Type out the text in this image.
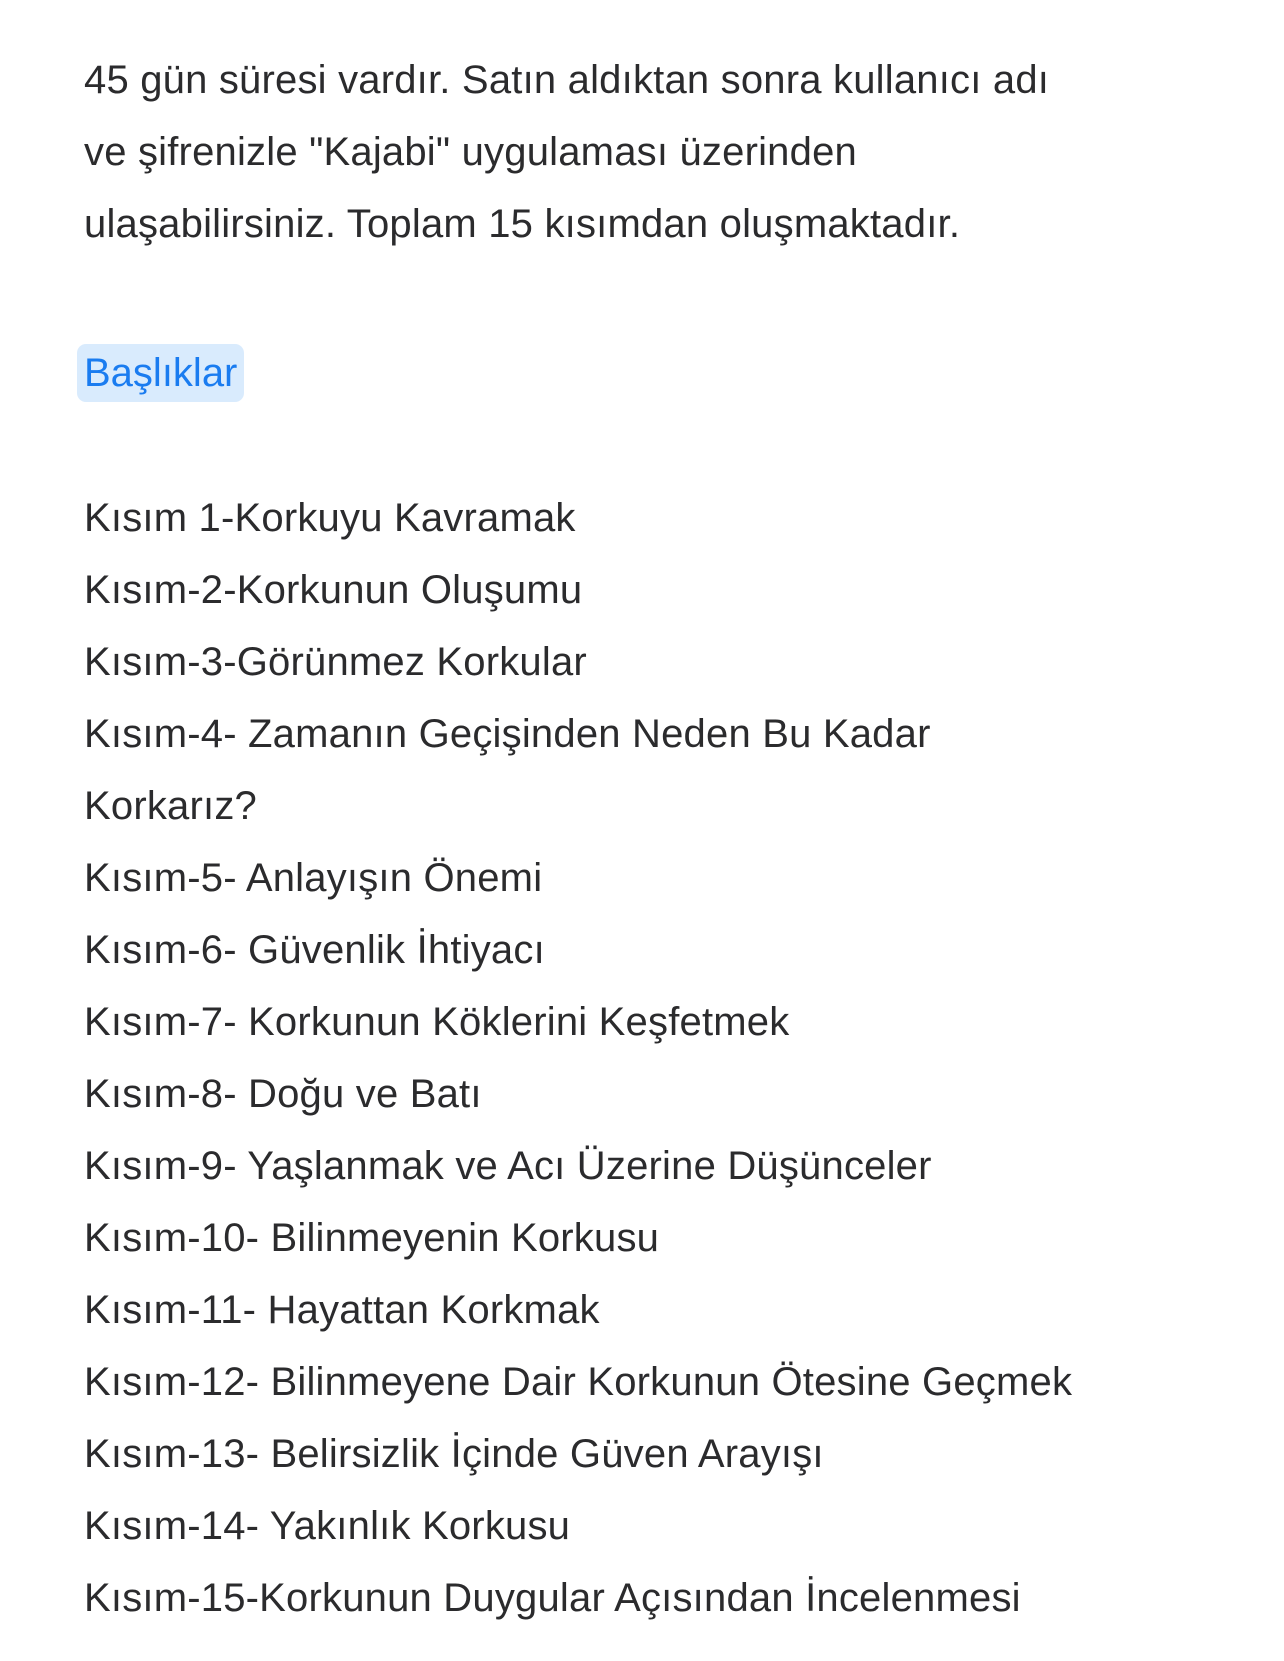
45 gün süresi vardır. Satın aldıktan sonra kullanıcı adı
ve şifrenizle "Kajabi" uygulaması üzerinden
ulaşabilirsiniz. Toplam 15 kısımdan oluşmaktadır.
Başlıklar
Kısım 1-Korkuyu Kavramak
Kısım-2-Korkunun Oluşumu
Kısım-3-Görünmez Korkular
Kısım-4- Zamanın Geçişinden Neden Bu Kadar
Korkarız?
Kısım-5- Anlayışın Önemi
Kısım-6- Güvenlik İhtiyacı
Kısım-7- Korkunun Köklerini Keşfetmek
Kısım-8- Doğu ve Batı
Kısım-9- Yaşlanmak ve Acı Üzerine Düşünceler
Kısım-10- Bilinmeyenin Korkusu
Kısım-11- Hayattan Korkmak
Kısım-12- Bilinmeyene Dair Korkunun Ötesine Geçmek
Kısım-13- Belirsizlik İçinde Güven Arayışı
Kısım-14- Yakınlık Korkusu
Kısım-15-Korkunun Duygular Açısından İncelenmesi
